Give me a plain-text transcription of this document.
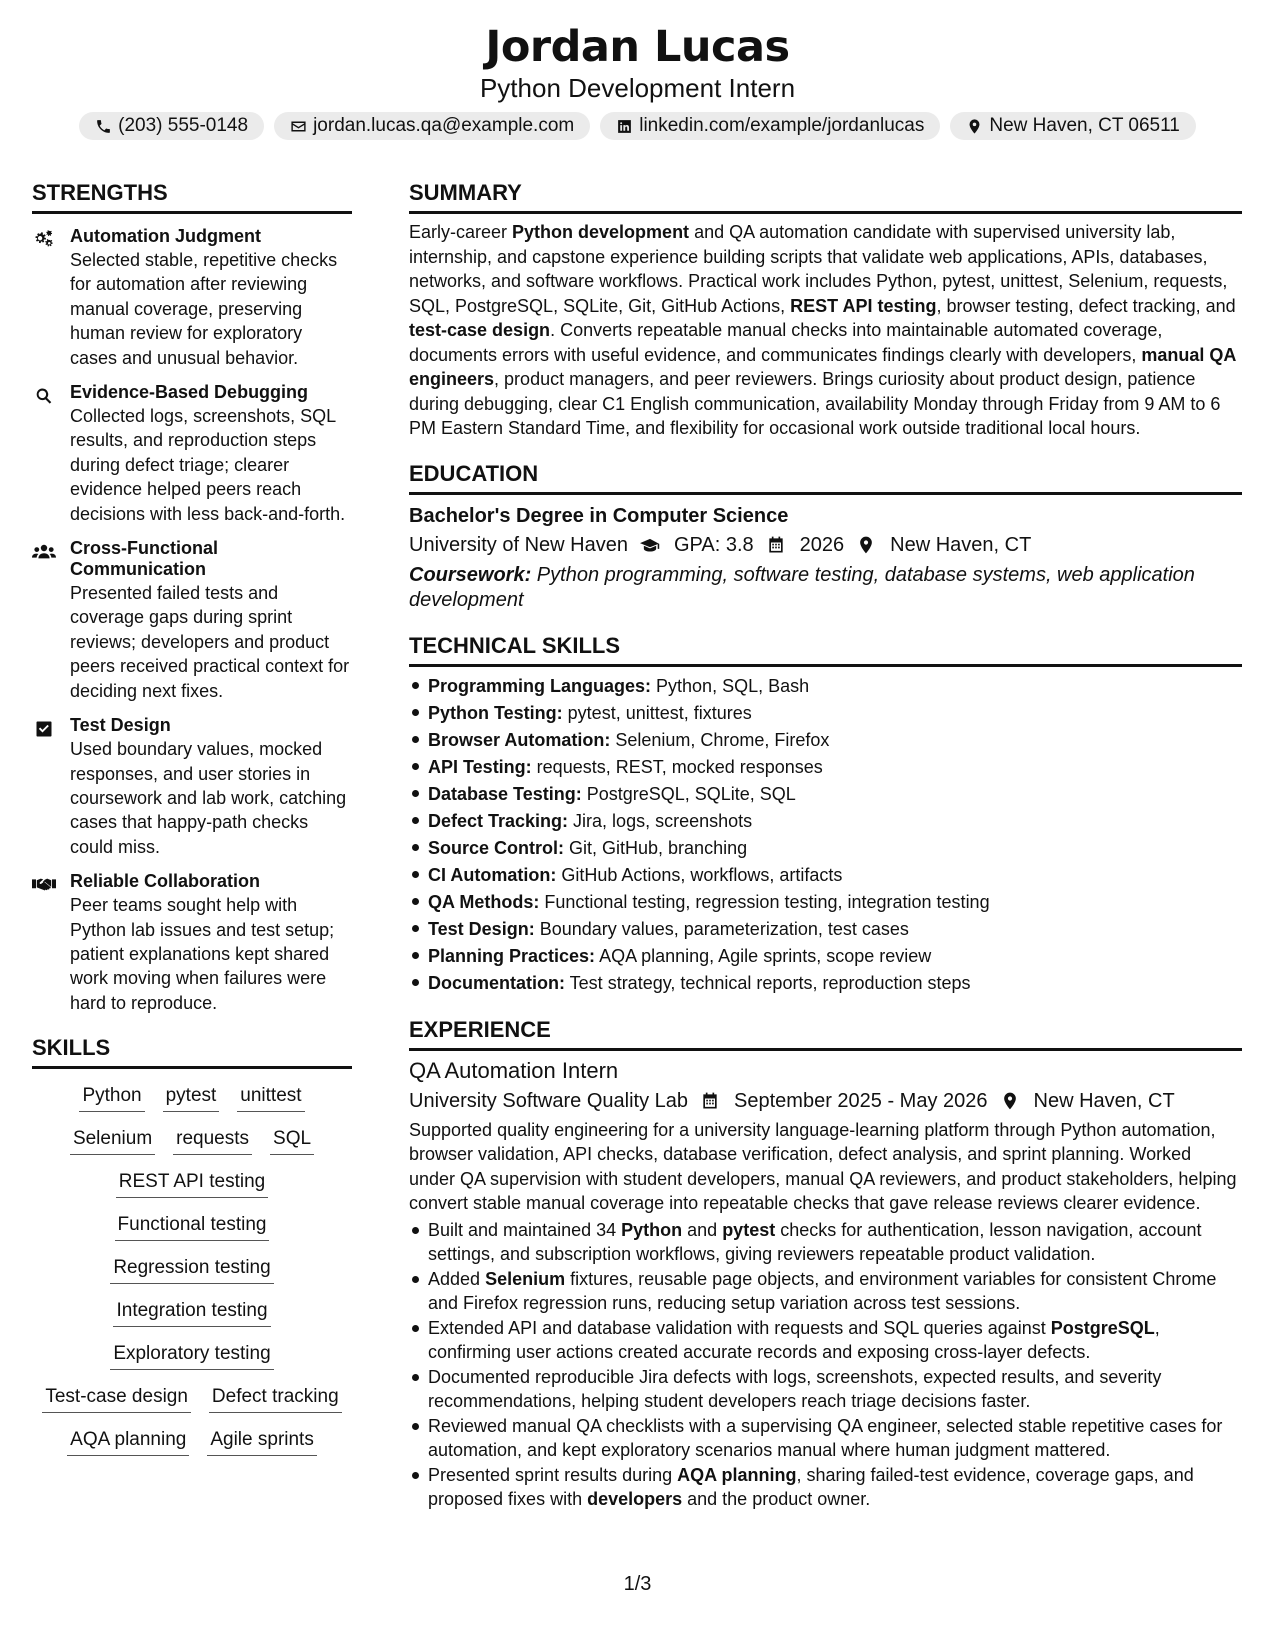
Jordan Lucas
Python Development Intern
(203) 555-0148	jordan.lucas.qa@example.com	linkedin.com/example/jordanlucas	New Haven, CT 06511
STRENGTHS
Automation Judgment
Selected stable, repetitive checks for automation after reviewing manual coverage, preserving human review for exploratory cases and unusual behavior.
Evidence-Based Debugging
Collected logs, screenshots, SQL results, and reproduction steps during defect triage; clearer evidence helped peers reach decisions with less back-and-forth.
Cross-Functional Communication
Presented failed tests and coverage gaps during sprint reviews; developers and product peers received practical context for deciding next fixes.
Test Design
Used boundary values, mocked responses, and user stories in coursework and lab work, catching cases that happy-path checks could miss.
Reliable Collaboration
Peer teams sought help with Python lab issues and test setup; patient explanations kept shared work moving when failures were hard to reproduce.
SKILLS
Python pytest unittest
Selenium requests SQL
REST API testing
Functional testing
Regression testing
Integration testing
Exploratory testing
Test-case design Defect tracking
AQA planning Agile sprints
SUMMARY
Early-career Python development and QA automation candidate with supervised university lab, internship, and capstone experience building scripts that validate web applications, APIs, databases, networks, and software workflows. Practical work includes Python, pytest, unittest, Selenium, requests, SQL, PostgreSQL, SQLite, Git, GitHub Actions, REST API testing, browser testing, defect tracking, and test-case design. Converts repeatable manual checks into maintainable automated coverage, documents errors with useful evidence, and communicates findings clearly with developers, manual QA engineers, product managers, and peer reviewers. Brings curiosity about product design, patience during debugging, clear C1 English communication, availability Monday through Friday from 9 AM to 6 PM Eastern Standard Time, and flexibility for occasional work outside traditional local hours.
EDUCATION
Bachelor's Degree in Computer Science
University of New Haven GPA: 3.8 2026 New Haven, CT
Coursework: Python programming, software testing, database systems, web application development
TECHNICAL SKILLS
Programming Languages: Python, SQL, Bash
Python Testing: pytest, unittest, fixtures
Browser Automation: Selenium, Chrome, Firefox
API Testing: requests, REST, mocked responses
Database Testing: PostgreSQL, SQLite, SQL
Defect Tracking: Jira, logs, screenshots
Source Control: Git, GitHub, branching
CI Automation: GitHub Actions, workflows, artifacts
QA Methods: Functional testing, regression testing, integration testing
Test Design: Boundary values, parameterization, test cases
Planning Practices: AQA planning, Agile sprints, scope review
Documentation: Test strategy, technical reports, reproduction steps
EXPERIENCE
QA Automation Intern
University Software Quality Lab September 2025 - May 2026 New Haven, CT
Supported quality engineering for a university language-learning platform through Python automation, browser validation, API checks, database verification, defect analysis, and sprint planning. Worked under QA supervision with student developers, manual QA reviewers, and product stakeholders, helping convert stable manual coverage into repeatable checks that gave release reviews clearer evidence.
Built and maintained 34 Python and pytest checks for authentication, lesson navigation, account settings, and subscription workflows, giving reviewers repeatable product validation.
Added Selenium fixtures, reusable page objects, and environment variables for consistent Chrome and Firefox regression runs, reducing setup variation across test sessions.
Extended API and database validation with requests and SQL queries against PostgreSQL, confirming user actions created accurate records and exposing cross-layer defects.
Documented reproducible Jira defects with logs, screenshots, expected results, and severity recommendations, helping student developers reach triage decisions faster.
Reviewed manual QA checklists with a supervising QA engineer, selected stable repetitive cases for automation, and kept exploratory scenarios manual where human judgment mattered.
Presented sprint results during AQA planning, sharing failed-test evidence, coverage gaps, and proposed fixes with developers and the product owner.
1/3
